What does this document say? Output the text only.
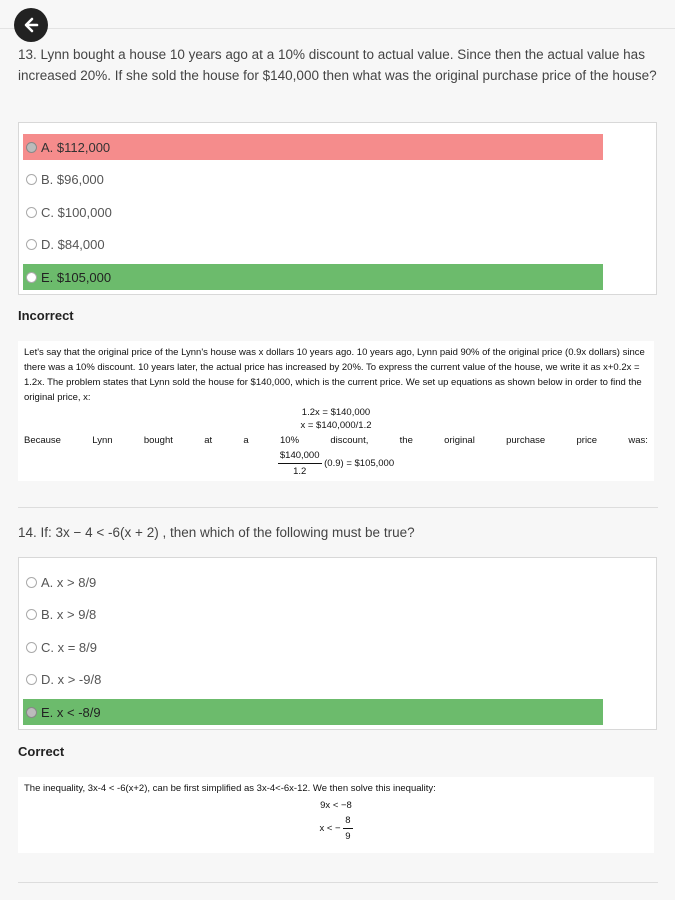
13. Lynn bought a house 10 years ago at a 10% discount to actual value. Since then the actual value has increased 20%. If she sold the house for $140,000 then what was the original purchase price of the house?
A. $112,000
B. $96,000
C. $100,000
D. $84,000
E. $105,000
Incorrect
Let's say that the original price of the Lynn's house was x dollars 10 years ago. 10 years ago, Lynn paid 90% of the original price (0.9x dollars) since there was a 10% discount. 10 years later, the actual price has increased by 20%. To express the current value of the house, we write it as x+0.2x = 1.2x. The problem states that Lynn sold the house for $140,000, which is the current price. We set up equations as shown below in order to find the original price, x:
1.2x = $140,000
x = $140,000/1.2
Because	Lynn	bought	at	a	10%	discount,	the	original	purchase	price	was:
$\frac{\$140,000}{1.2} (0.9)$ = $105,000
14. If: 3x − 4 < -6(x + 2) , then which of the following must be true?
A. x > 8/9
B. x > 9/8
C. x = 8/9
D. x > -9/8
E. x < -8/9
Correct
The inequality, 3x-4 < -6(x+2), can be first simplified as 3x-4<-6x-12. We then solve this inequality:
9x < −8
x < − $\frac{8}{9}$
